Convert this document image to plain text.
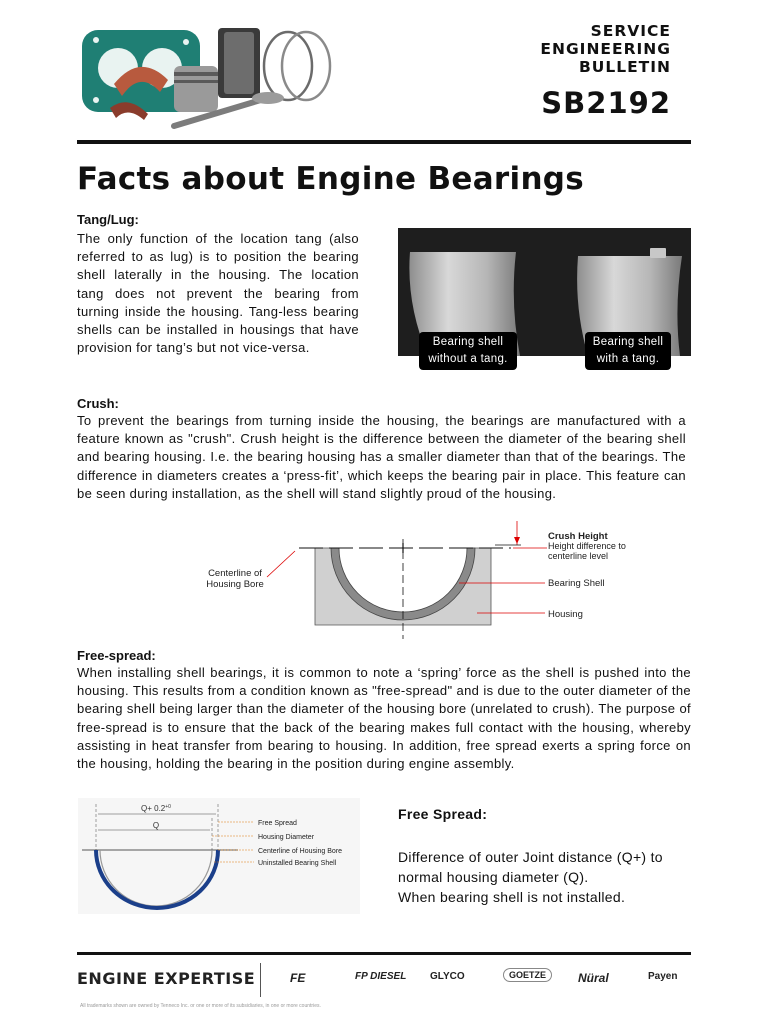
SERVICE
ENGINEERING
BULLETIN
SB2192
Facts about Engine Bearings
Tang/Lug:
The only function of the location tang (also referred to as lug) is to position the bearing shell laterally in the housing. The location tang does not prevent the bearing from turning inside the housing. Tang-less bearing shells can be installed in housings that have provision for tang’s but not vice-versa.	Bearing shell without a tang.
Bearing shell with a tang.
Crush:
To prevent the bearings from turning inside the housing, the bearings are manufactured with a feature known as "crush". Crush height is the difference between the diameter of the bearing shell and bearing housing. I.e. the bearing housing has a smaller diameter than that of the bearings. The difference in diameters creates a ‘press-fit’, which keeps the bearing pair in place. This feature can be seen during installation, as the shell will stand slightly proud of the housing.
Centerline of Housing Bore
Crush Height
Height difference to
centerline level
Bearing Shell
Housing
Free-spread:
When installing shell bearings, it is common to note a ‘spring’ force as the shell is pushed into the housing. This results from a condition known as "free-spread" and is due to the outer diameter of the bearing shell being larger than the diameter of the housing bore (unrelated to crush). The purpose of free-spread is to ensure that the back of the bearing makes full contact with the housing, whereby assisting in heat transfer from bearing to housing. In addition, free spread exerts a spring force on the housing, holding the bearing in the position during engine assembly.
$Q+ 0.2^{+0}$
Q	Free Spread
Housing Diameter
Centerline of Housing Bore
Uninstalled Bearing Shell
Free Spread:
Difference of outer Joint distance (Q+) to
normal housing diameter (Q).
When bearing shell is not installed.
ENGINE EXPERTISE	FE	FP DIESEL GLYCO	GOETZE	Nüral	Payen
All trademarks shown are owned by Tenneco Inc. or one or more of its subsidiaries, in one or more countries.
